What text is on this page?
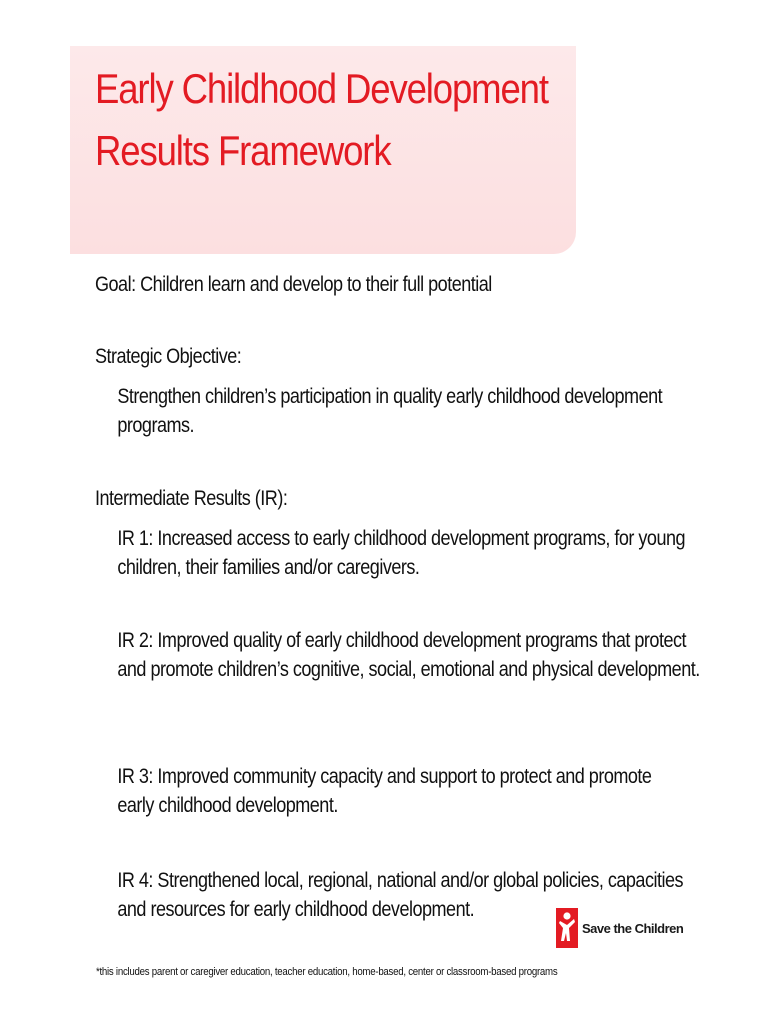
Early Childhood Development
Results Framework

Goal: Children learn and develop to their full potential

Strategic Objective:

Strengthen children’s participation in quality early childhood development programs.

Intermediate Results (IR):

IR 1: Increased access to early childhood development programs, for young children, their families and/or caregivers.

IR 2: Improved quality of early childhood development programs that protect and promote children’s cognitive, social, emotional and physical development.

IR 3: Improved community capacity and support to protect and promote early childhood development.

IR 4: Strengthened local, regional, national and/or global policies, capacities and resources for early childhood development.

Save the Children
*this includes parent or caregiver education, teacher education, home-based, center or classroom-based programs
